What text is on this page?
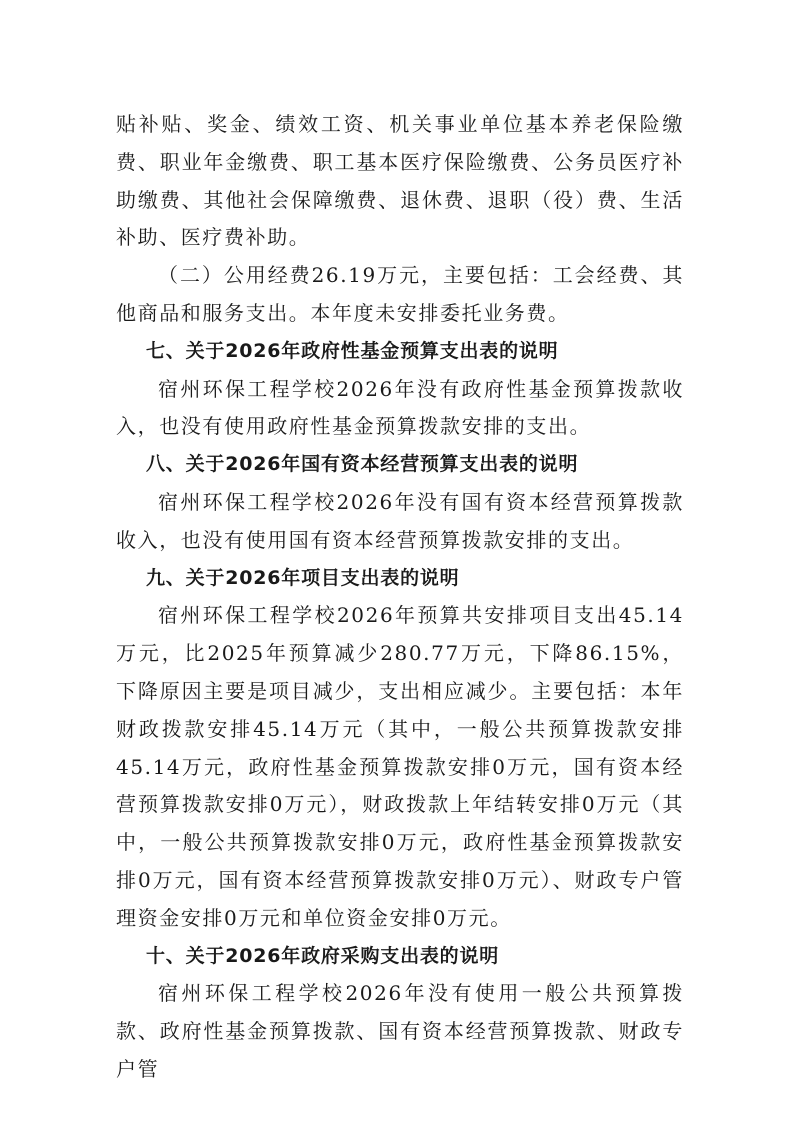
贴补贴、奖金、绩效工资、机关事业单位基本养老保险缴费、职业年金缴费、职工基本医疗保险缴费、公务员医疗补助缴费、其他社会保障缴费、退休费、退职（役）费、生活补助、医疗费补助。

（二）公用经费26.19万元，主要包括：工会经费、其他商品和服务支出。本年度未安排委托业务费。

七、关于2026年政府性基金预算支出表的说明

宿州环保工程学校2026年没有政府性基金预算拨款收入，也没有使用政府性基金预算拨款安排的支出。

八、关于2026年国有资本经营预算支出表的说明

宿州环保工程学校2026年没有国有资本经营预算拨款收入，也没有使用国有资本经营预算拨款安排的支出。

九、关于2026年项目支出表的说明

宿州环保工程学校2026年预算共安排项目支出45.14万元，比2025年预算减少280.77万元，下降86.15%，下降原因主要是项目减少，支出相应减少。主要包括：本年财政拨款安排45.14万元（其中，一般公共预算拨款安排45.14万元，政府性基金预算拨款安排0万元，国有资本经营预算拨款安排0万元），财政拨款上年结转安排0万元（其中，一般公共预算拨款安排0万元，政府性基金预算拨款安排0万元，国有资本经营预算拨款安排0万元）、财政专户管理资金安排0万元和单位资金安排0万元。

十、关于2026年政府采购支出表的说明

宿州环保工程学校2026年没有使用一般公共预算拨款、政府性基金预算拨款、国有资本经营预算拨款、财政专户管
